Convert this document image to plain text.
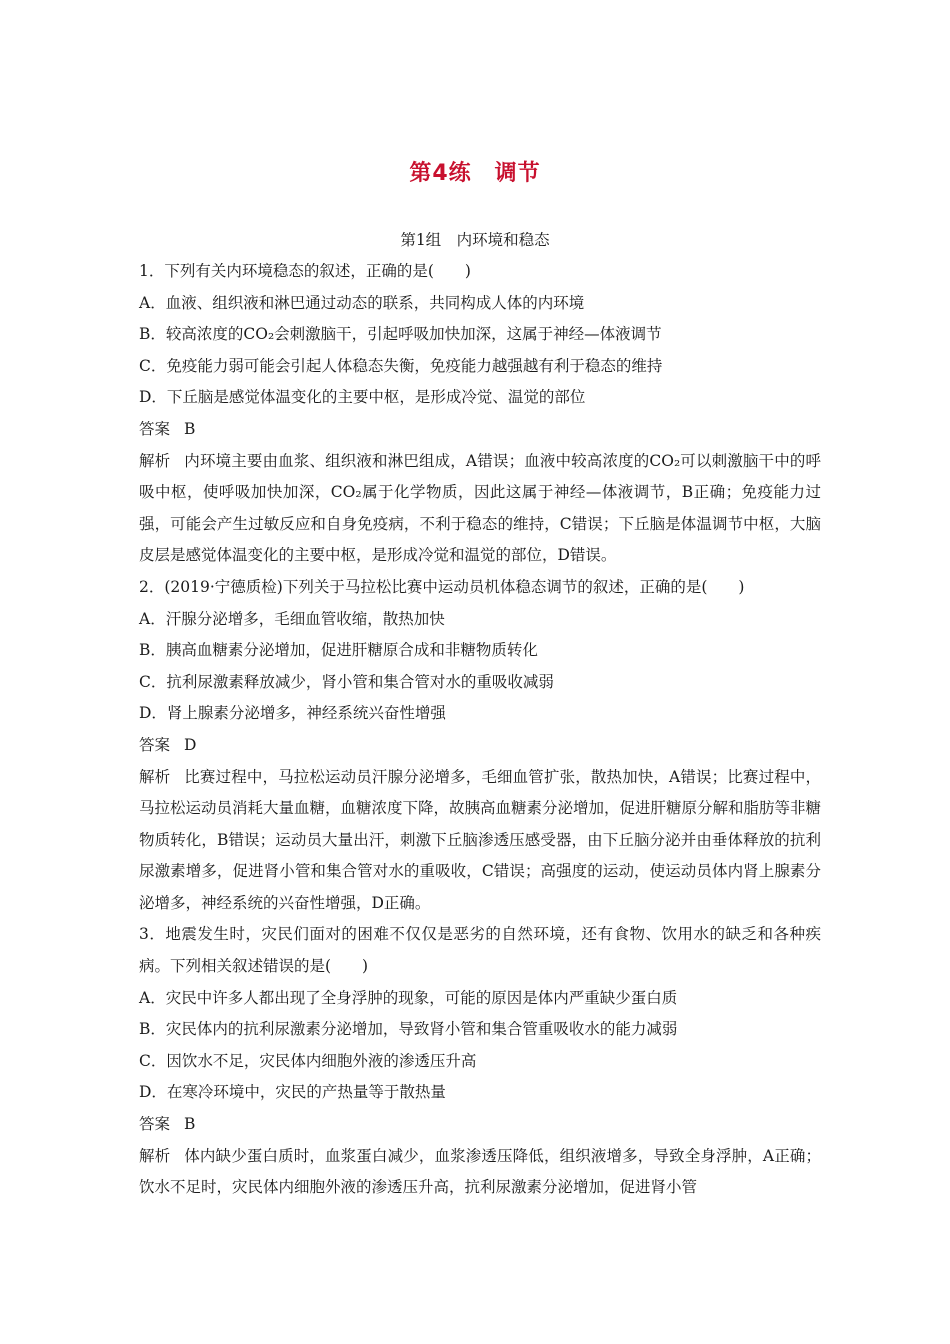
第4练　调节
第1组　内环境和稳态
1．下列有关内环境稳态的叙述，正确的是(　　)
A．血液、组织液和淋巴通过动态的联系，共同构成人体的内环境
B．较高浓度的CO₂会刺激脑干，引起呼吸加快加深，这属于神经—体液调节
C．免疫能力弱可能会引起人体稳态失衡，免疫能力越强越有利于稳态的维持
D．下丘脑是感觉体温变化的主要中枢，是形成冷觉、温觉的部位
答案 B
解析 内环境主要由血浆、组织液和淋巴组成，A错误；血液中较高浓度的CO₂可以刺激脑干中的呼吸中枢，使呼吸加快加深，CO₂属于化学物质，因此这属于神经—体液调节，B正确；免疫能力过强，可能会产生过敏反应和自身免疫病，不利于稳态的维持，C错误；下丘脑是体温调节中枢，大脑皮层是感觉体温变化的主要中枢，是形成冷觉和温觉的部位，D错误。
2．(2019·宁德质检)下列关于马拉松比赛中运动员机体稳态调节的叙述，正确的是(　　)
A．汗腺分泌增多，毛细血管收缩，散热加快
B．胰高血糖素分泌增加，促进肝糖原合成和非糖物质转化
C．抗利尿激素释放减少，肾小管和集合管对水的重吸收减弱
D．肾上腺素分泌增多，神经系统兴奋性增强
答案 D
解析 比赛过程中，马拉松运动员汗腺分泌增多，毛细血管扩张，散热加快，A错误；比赛过程中，马拉松运动员消耗大量血糖，血糖浓度下降，故胰高血糖素分泌增加，促进肝糖原分解和脂肪等非糖物质转化，B错误；运动员大量出汗，刺激下丘脑渗透压感受器，由下丘脑分泌并由垂体释放的抗利尿激素增多，促进肾小管和集合管对水的重吸收，C错误；高强度的运动，使运动员体内肾上腺素分泌增多，神经系统的兴奋性增强，D正确。
3．地震发生时，灾民们面对的困难不仅仅是恶劣的自然环境，还有食物、饮用水的缺乏和各种疾病。下列相关叙述错误的是(　　)
A．灾民中许多人都出现了全身浮肿的现象，可能的原因是体内严重缺少蛋白质
B．灾民体内的抗利尿激素分泌增加，导致肾小管和集合管重吸收水的能力减弱
C．因饮水不足，灾民体内细胞外液的渗透压升高
D．在寒冷环境中，灾民的产热量等于散热量
答案 B
解析 体内缺少蛋白质时，血浆蛋白减少，血浆渗透压降低，组织液增多，导致全身浮肿，A正确；饮水不足时，灾民体内细胞外液的渗透压升高，抗利尿激素分泌增加，促进肾小管
